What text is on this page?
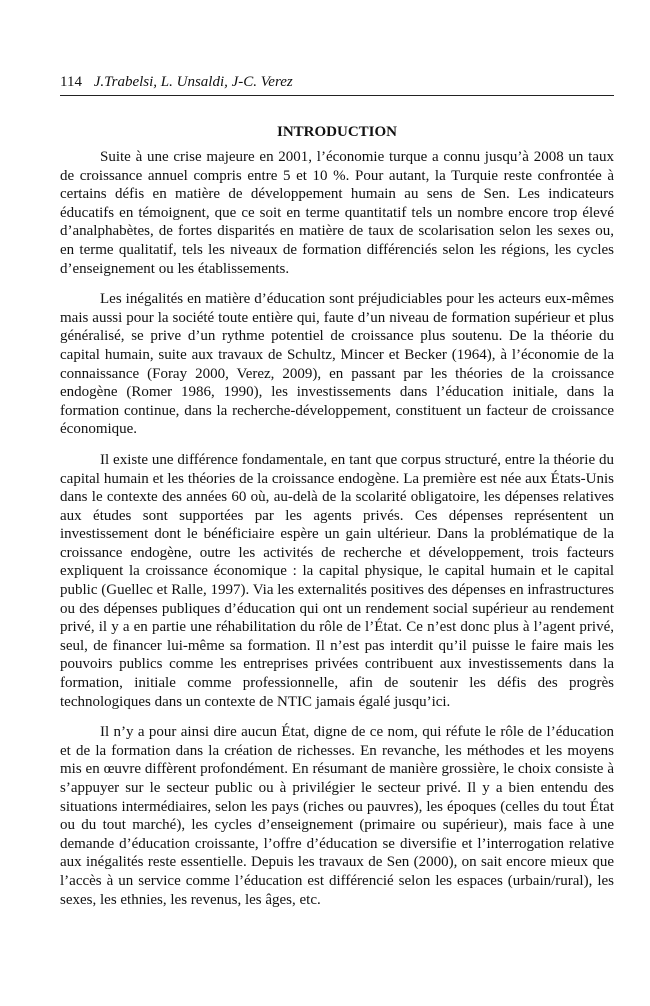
114 J.Trabelsi, L. Unsaldi, J-C. Verez
INTRODUCTION

Suite à une crise majeure en 2001, l’économie turque a connu jusqu’à 2008 un taux de croissance annuel compris entre 5 et 10 %. Pour autant, la Turquie reste confrontée à certains défis en matière de développement humain au sens de Sen. Les indicateurs éducatifs en témoignent, que ce soit en terme quantitatif tels un nombre encore trop élevé d’analphabètes, de fortes disparités en matière de taux de scolarisation selon les sexes ou, en terme qualitatif, tels les niveaux de formation différenciés selon les régions, les cycles d’enseignement ou les établissements.

Les inégalités en matière d’éducation sont préjudiciables pour les acteurs eux-mêmes mais aussi pour la société toute entière qui, faute d’un niveau de formation supérieur et plus généralisé, se prive d’un rythme potentiel de croissance plus soutenu. De la théorie du capital humain, suite aux travaux de Schultz, Mincer et Becker (1964), à l’économie de la connaissance (Foray 2000, Verez, 2009), en passant par les théories de la croissance endogène (Romer 1986, 1990), les investissements dans l’éducation initiale, dans la formation continue, dans la recherche-développement, constituent un facteur de croissance économique.

Il existe une différence fondamentale, en tant que corpus structuré, entre la théorie du capital humain et les théories de la croissance endogène. La première est née aux États-Unis dans le contexte des années 60 où, au-delà de la scolarité obligatoire, les dépenses relatives aux études sont supportées par les agents privés. Ces dépenses représentent un investissement dont le bénéficiaire espère un gain ultérieur. Dans la problématique de la croissance endogène, outre les activités de recherche et développement, trois facteurs expliquent la croissance économique : la capital physique, le capital humain et le capital public (Guellec et Ralle, 1997). Via les externalités positives des dépenses en infrastructures ou des dépenses publiques d’éducation qui ont un rendement social supérieur au rendement privé, il y a en partie une réhabilitation du rôle de l’État. Ce n’est donc plus à l’agent privé, seul, de financer lui-même sa formation. Il n’est pas interdit qu’il puisse le faire mais les pouvoirs publics comme les entreprises privées contribuent aux investissements dans la formation, initiale comme professionnelle, afin de soutenir les défis des progrès technologiques dans un contexte de NTIC jamais égalé jusqu’ici.

Il n’y a pour ainsi dire aucun État, digne de ce nom, qui réfute le rôle de l’éducation et de la formation dans la création de richesses. En revanche, les méthodes et les moyens mis en œuvre diffèrent profondément. En résumant de manière grossière, le choix consiste à s’appuyer sur le secteur public ou à privilégier le secteur privé. Il y a bien entendu des situations intermédiaires, selon les pays (riches ou pauvres), les époques (celles du tout État ou du tout marché), les cycles d’enseignement (primaire ou supérieur), mais face à une demande d’éducation croissante, l’offre d’éducation se diversifie et l’interrogation relative aux inégalités reste essentielle. Depuis les travaux de Sen (2000), on sait encore mieux que l’accès à un service comme l’éducation est différencié selon les espaces (urbain/rural), les sexes, les ethnies, les revenus, les âges, etc.
